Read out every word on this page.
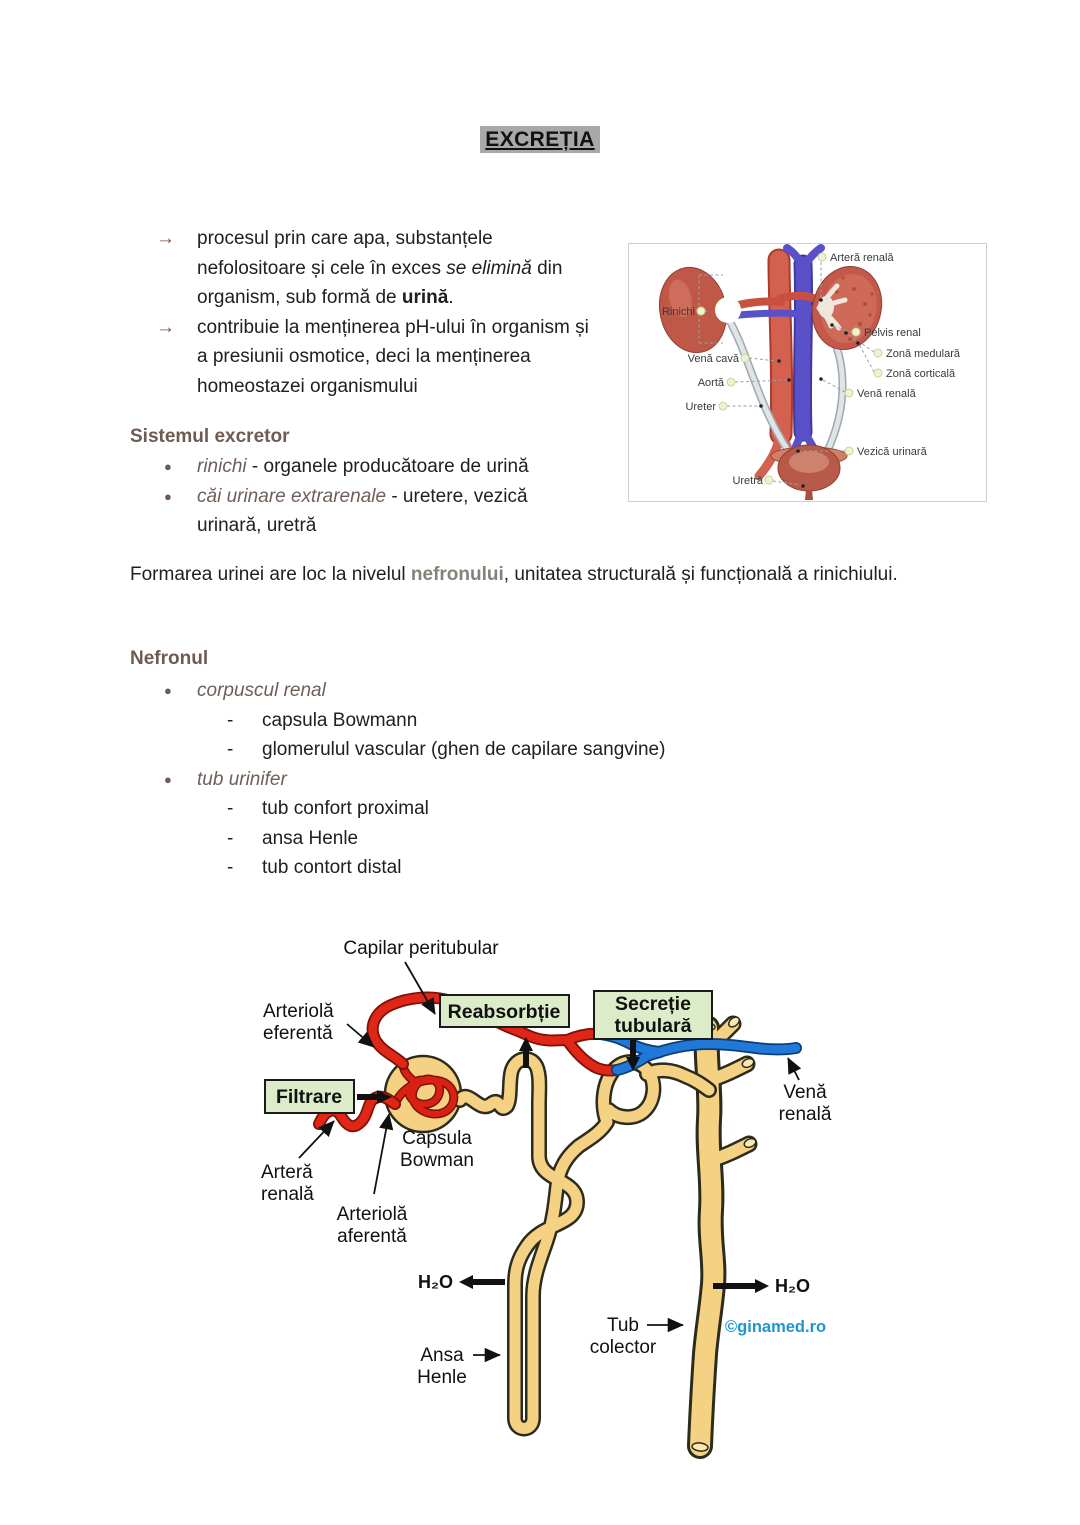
EXCREȚIA
→	procesul prin care apa, substanțele nefolositoare și cele în exces se elimină din organism, sub formă de urină.
→	contribuie la menținerea pH-ului în organism și a presiunii osmotice, deci la menținerea homeostazei organismului
Arteră renală
Rinichi
Venă cavă
Aortă
Ureter
Uretră
Pelvis renal
Zonă medulară
Zonă corticală
Venă renală
Vezică urinară
Sistemul excretor
●	rinichi - organele producătoare de urină
●	căi urinare extrarenale - uretere, vezică urinară, uretră
Formarea urinei are loc la nivelul nefronului, unitatea structurală și funcțională a rinichiului.
Nefronul
●	corpuscul renal
-	capsula Bowmann
-	glomerulul vascular (ghen de capilare sangvine)
●	tub urinifer
-	tub confort proximal
-	ansa Henle
-	tub contort distal
Filtrare
Reabsorbție	Secreție
tubulară
Capilar peritubular
Arteriolă
eferentă
Arteră
renală
Capsula
Bowman
Arteriolă
aferentă
Venă
renală
H₂O	H₂O
Ansa
Henle
Tub
colector
©ginamed.ro
